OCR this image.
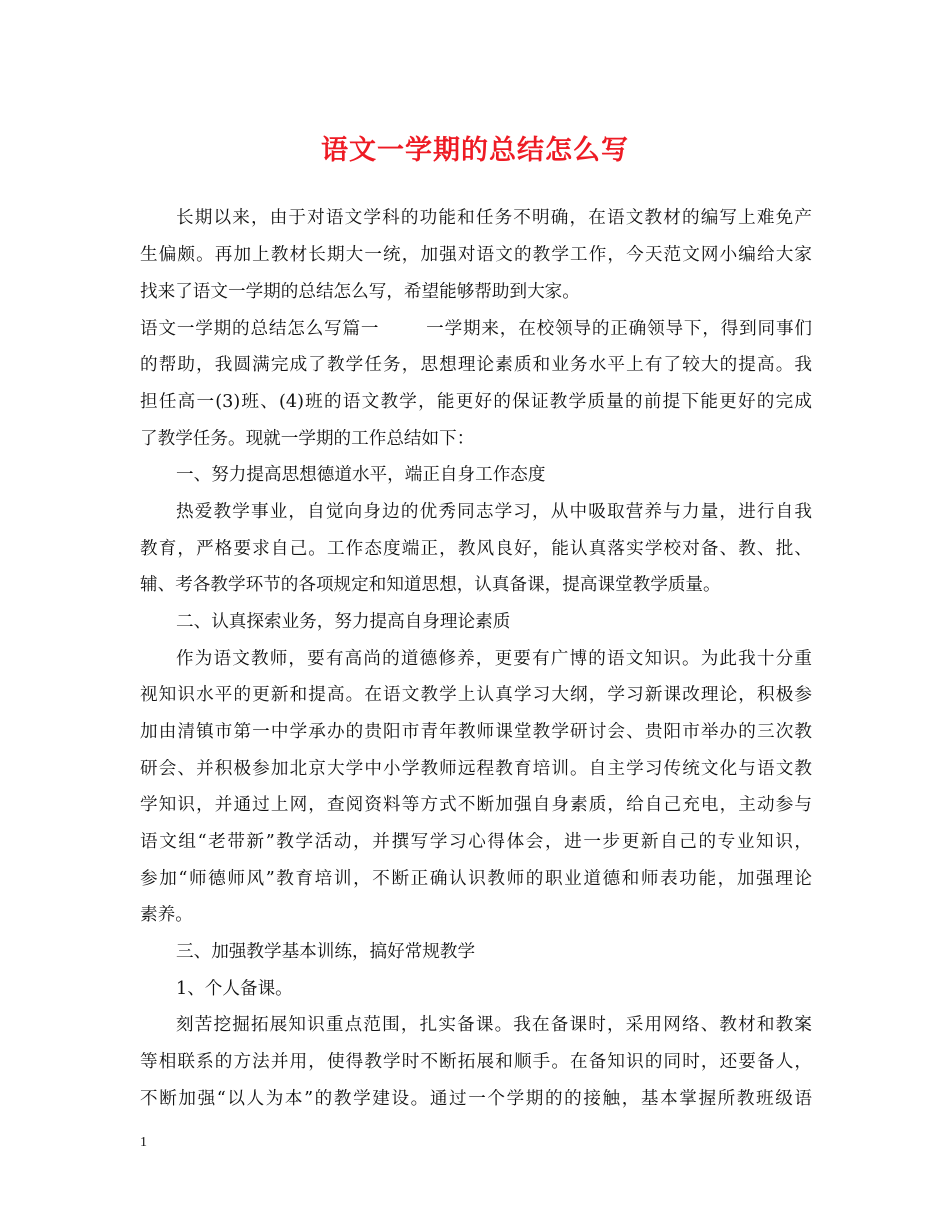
语文一学期的总结怎么写
长期以来，由于对语文学科的功能和任务不明确，在语文教材的编写上难免产
生偏颇。再加上教材长期大一统，加强对语文的教学工作，今天范文网小编给大家
找来了语文一学期的总结怎么写，希望能够帮助到大家。
语文一学期的总结怎么写篇一	一学期来，在校领导的正确领导下，得到同事们
的帮助，我圆满完成了教学任务，思想理论素质和业务水平上有了较大的提高。我
担任高一(3)班、(4)班的语文教学，能更好的保证教学质量的前提下能更好的完成
了教学任务。现就一学期的工作总结如下：
一、努力提高思想德道水平，端正自身工作态度
热爱教学事业，自觉向身边的优秀同志学习，从中吸取营养与力量，进行自我
教育，严格要求自己。工作态度端正，教风良好，能认真落实学校对备、教、批、
辅、考各教学环节的各项规定和知道思想，认真备课，提高课堂教学质量。
二、认真探索业务，努力提高自身理论素质
作为语文教师，要有高尚的道德修养，更要有广博的语文知识。为此我十分重
视知识水平的更新和提高。在语文教学上认真学习大纲，学习新课改理论，积极参
加由清镇市第一中学承办的贵阳市青年教师课堂教学研讨会、贵阳市举办的三次教
研会、并积极参加北京大学中小学教师远程教育培训。自主学习传统文化与语文教
学知识，并通过上网，查阅资料等方式不断加强自身素质，给自己充电，主动参与
语文组“老带新”教学活动，并撰写学习心得体会，进一步更新自己的专业知识，
参加“师德师风”教育培训，不断正确认识教师的职业道德和师表功能，加强理论
素养。
三、加强教学基本训练，搞好常规教学
1、个人备课。
刻苦挖掘拓展知识重点范围，扎实备课。我在备课时，采用网络、教材和教案
等相联系的方法并用，使得教学时不断拓展和顺手。在备知识的同时，还要备人，
不断加强“以人为本”的教学建设。通过一个学期的的接触，基本掌握所教班级语
1
